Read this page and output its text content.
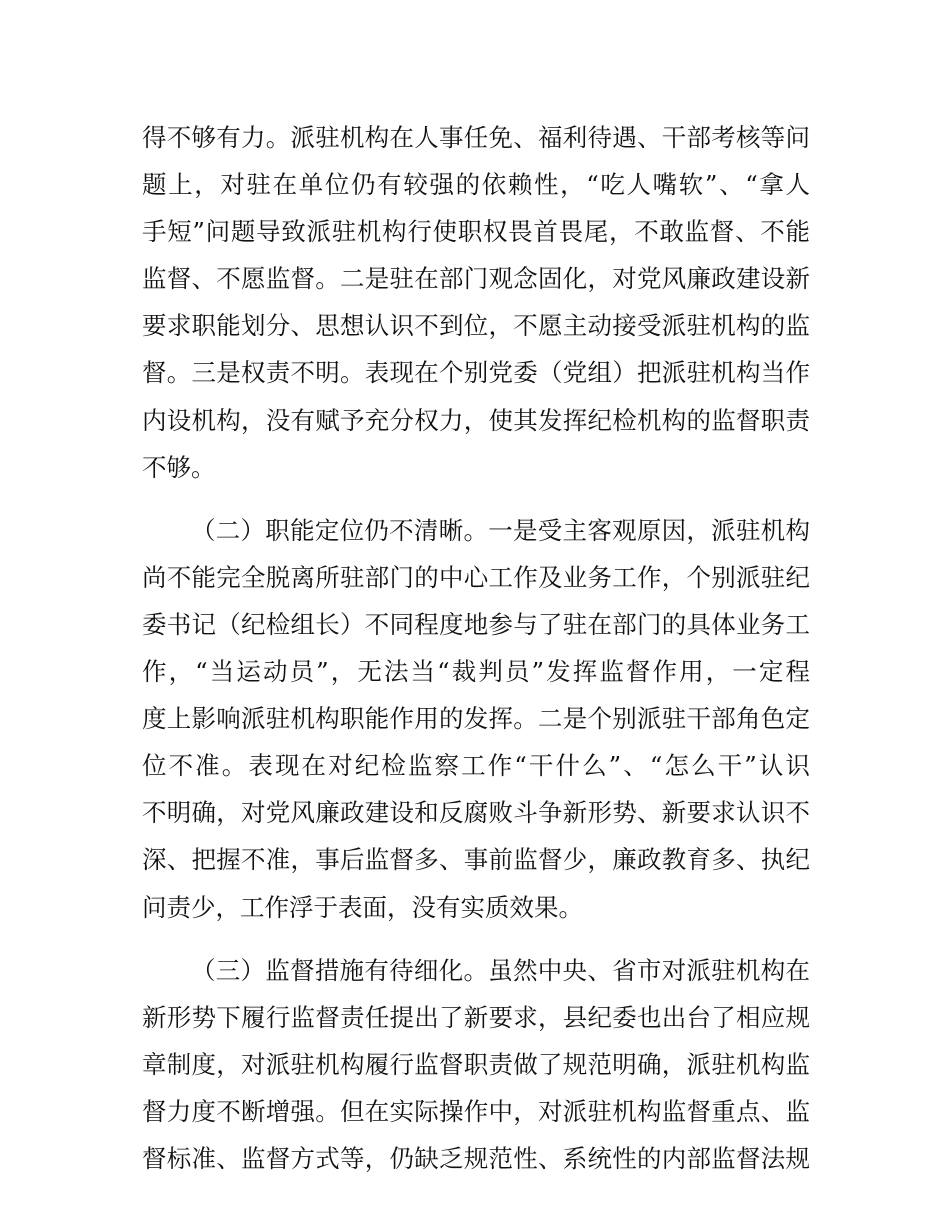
得不够有力。派驻机构在人事任免、福利待遇、干部考核等问
题上，对驻在单位仍有较强的依赖性，“吃人嘴软”、“拿人
手短”问题导致派驻机构行使职权畏首畏尾，不敢监督、不能
监督、不愿监督。二是驻在部门观念固化，对党风廉政建设新
要求职能划分、思想认识不到位，不愿主动接受派驻机构的监
督。三是权责不明。表现在个别党委（党组）把派驻机构当作
内设机构，没有赋予充分权力，使其发挥纪检机构的监督职责
不够。
（二）职能定位仍不清晰。一是受主客观原因，派驻机构
尚不能完全脱离所驻部门的中心工作及业务工作，个别派驻纪
委书记（纪检组长）不同程度地参与了驻在部门的具体业务工
作，“当运动员”，无法当“裁判员”发挥监督作用，一定程
度上影响派驻机构职能作用的发挥。二是个别派驻干部角色定
位不准。表现在对纪检监察工作“干什么”、“怎么干”认识
不明确，对党风廉政建设和反腐败斗争新形势、新要求认识不
深、把握不准，事后监督多、事前监督少，廉政教育多、执纪
问责少，工作浮于表面，没有实质效果。
（三）监督措施有待细化。虽然中央、省市对派驻机构在
新形势下履行监督责任提出了新要求，县纪委也出台了相应规
章制度，对派驻机构履行监督职责做了规范明确，派驻机构监
督力度不断增强。但在实际操作中，对派驻机构监督重点、监
督标准、监督方式等，仍缺乏规范性、系统性的内部监督法规
